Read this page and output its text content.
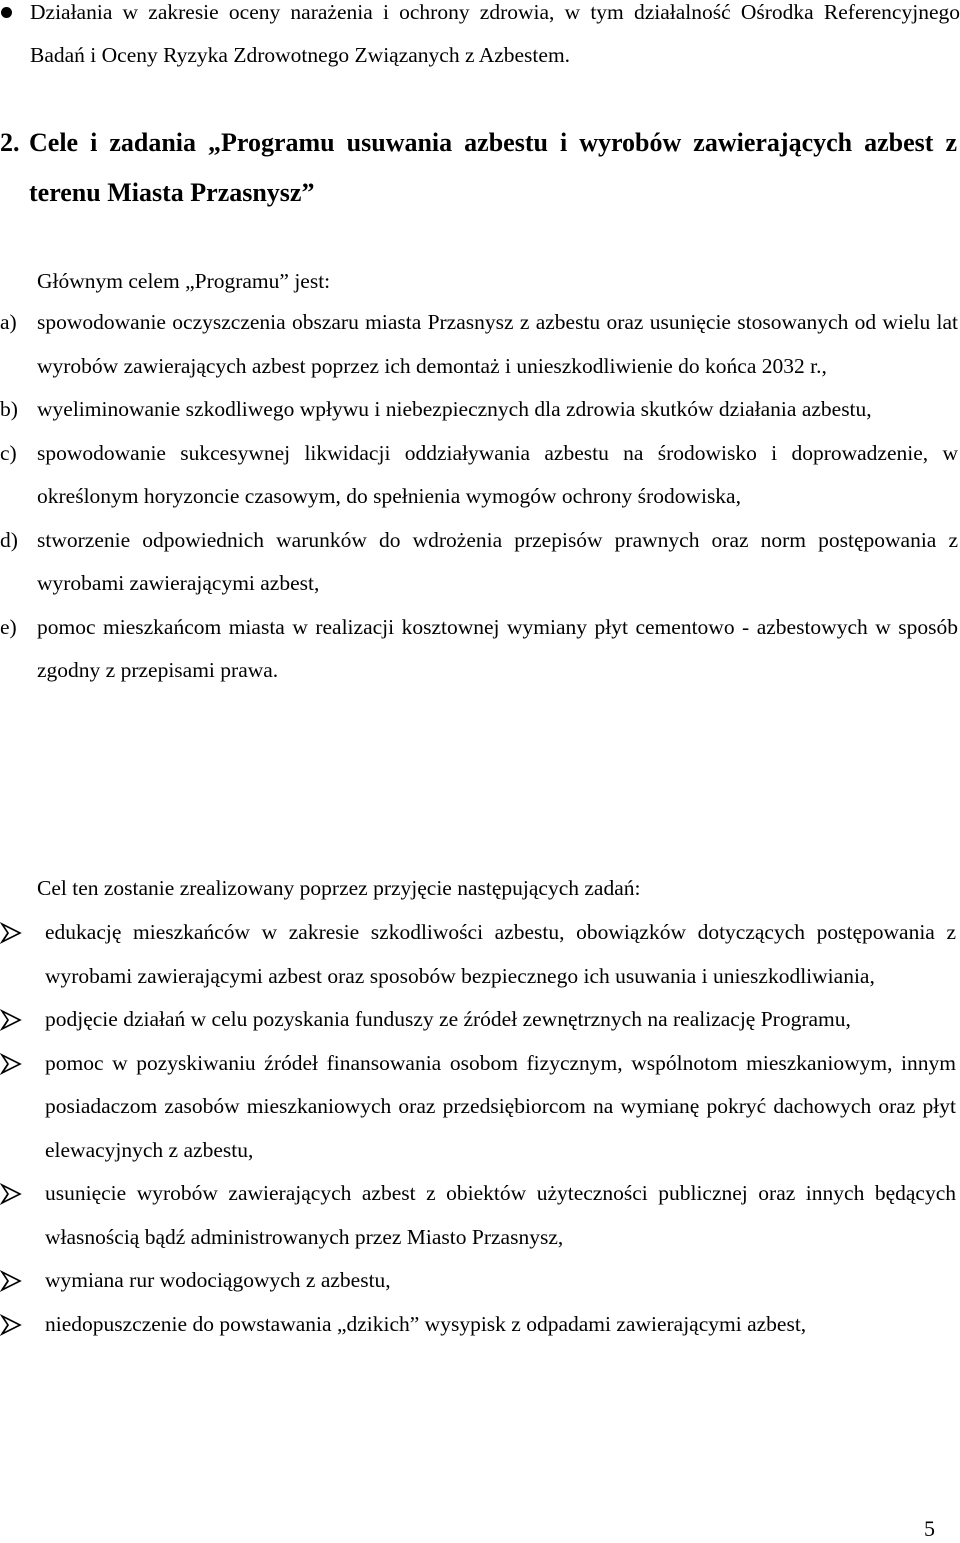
Działania w zakresie oceny narażenia i ochrony zdrowia, w tym działalność Ośrodka Referencyjnego Badań i Oceny Ryzyka Zdrowotnego Związanych z Azbestem.
2. Cele i zadania „Programu usuwania azbestu i wyrobów zawierających azbest z terenu Miasta Przasnysz”
Głównym celem „Programu” jest:
a) spowodowanie oczyszczenia obszaru miasta Przasnysz z azbestu oraz usunięcie stosowanych od wielu lat wyrobów zawierających azbest poprzez ich demontaż i unieszkodliwienie do końca 2032 r.,
b) wyeliminowanie szkodliwego wpływu i niebezpiecznych dla zdrowia skutków działania azbestu,
c) spowodowanie sukcesywnej likwidacji oddziaływania azbestu na środowisko i doprowadzenie, w określonym horyzoncie czasowym, do spełnienia wymogów ochrony środowiska,
d) stworzenie odpowiednich warunków do wdrożenia przepisów prawnych oraz norm postępowania z wyrobami zawierającymi azbest,
e) pomoc mieszkańcom miasta w realizacji kosztownej wymiany płyt cementowo - azbestowych w sposób zgodny z przepisami prawa.
Cel ten zostanie zrealizowany poprzez przyjęcie następujących zadań:
edukację mieszkańców w zakresie szkodliwości azbestu, obowiązków dotyczących postępowania z wyrobami zawierającymi azbest oraz sposobów bezpiecznego ich usuwania i unieszkodliwiania,
podjęcie działań w celu pozyskania funduszy ze źródeł zewnętrznych na realizację Programu,
pomoc w pozyskiwaniu źródeł finansowania osobom fizycznym, wspólnotom mieszkaniowym, innym posiadaczom zasobów mieszkaniowych oraz przedsiębiorcom na wymianę pokryć dachowych oraz płyt elewacyjnych z azbestu,
usunięcie wyrobów zawierających azbest z obiektów użyteczności publicznej oraz innych będących własnością bądź administrowanych przez Miasto Przasnysz,
wymiana rur wodociągowych z azbestu,
niedopuszczenie do powstawania „dzikich” wysypisk z odpadami zawierającymi azbest,
5
